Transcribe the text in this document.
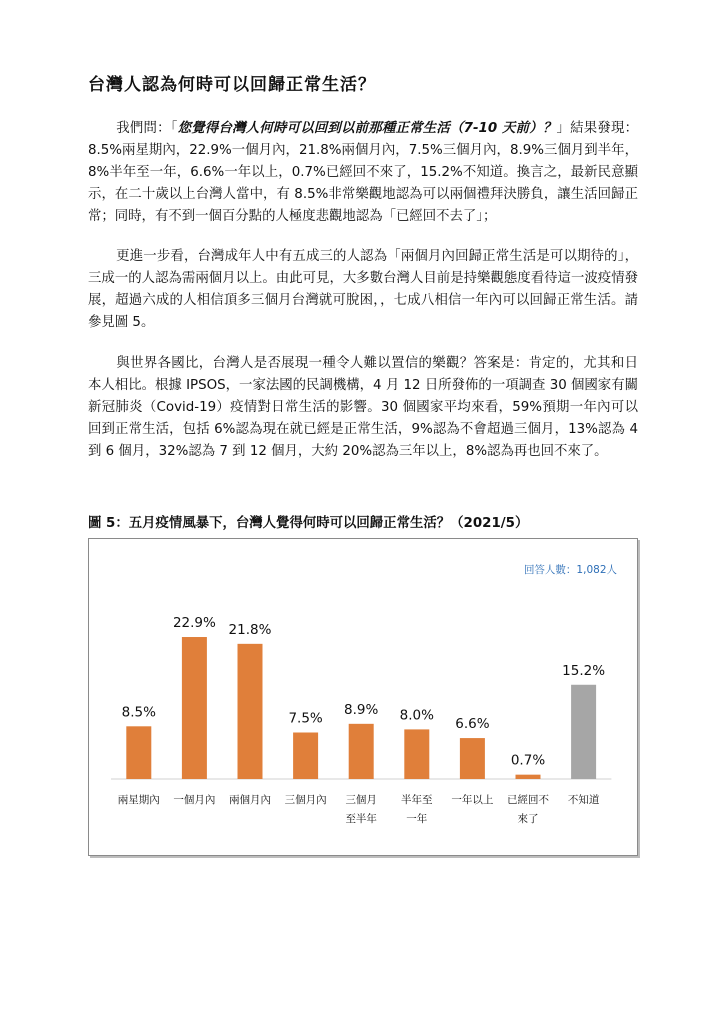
台灣人認為何時可以回歸正常生活？

我們問：「您覺得台灣人何時可以回到以前那種正常生活（7-10 天前）？」結果發現：8.5%兩星期內，22.9%一個月內，21.8%兩個月內，7.5%三個月內，8.9%三個月到半年，8%半年至一年，6.6%一年以上，0.7%已經回不來了，15.2%不知道。換言之，最新民意顯示，在二十歲以上台灣人當中，有 8.5%非常樂觀地認為可以兩個禮拜決勝負，讓生活回歸正常；同時，有不到一個百分點的人極度悲觀地認為「已經回不去了」；

更進一步看，台灣成年人中有五成三的人認為「兩個月內回歸正常生活是可以期待的」，三成一的人認為需兩個月以上。由此可見，大多數台灣人目前是持樂觀態度看待這一波疫情發展，超過六成的人相信頂多三個月台灣就可脫困，，七成八相信一年內可以回歸正常生活。請參見圖 5。

與世界各國比，台灣人是否展現一種令人難以置信的樂觀？答案是：肯定的，尤其和日本人相比。根據 IPSOS，一家法國的民調機構，4 月 12 日所發佈的一項調查 30 個國家有關新冠肺炎（Covid-19）疫情對日常生活的影響。30 個國家平均來看，59%預期一年內可以回到正常生活，包括 6%認為現在就已經是正常生活，9%認為不會超過三個月，13%認為 4 到 6 個月，32%認為 7 到 12 個月，大約 20%認為三年以上，8%認為再也回不來了。

圖 5：五月疫情風暴下，台灣人覺得何時可以回歸正常生活？（2021/5）

回答人數：1,082人
8.5%
兩星期內
22.9%
一個月內
21.8%
兩個月內
7.5%
三個月內
8.9%
三個月
至半年
8.0%
半年至
一年
6.6%
一年以上
0.7%
已經回不
來了
15.2%
不知道
